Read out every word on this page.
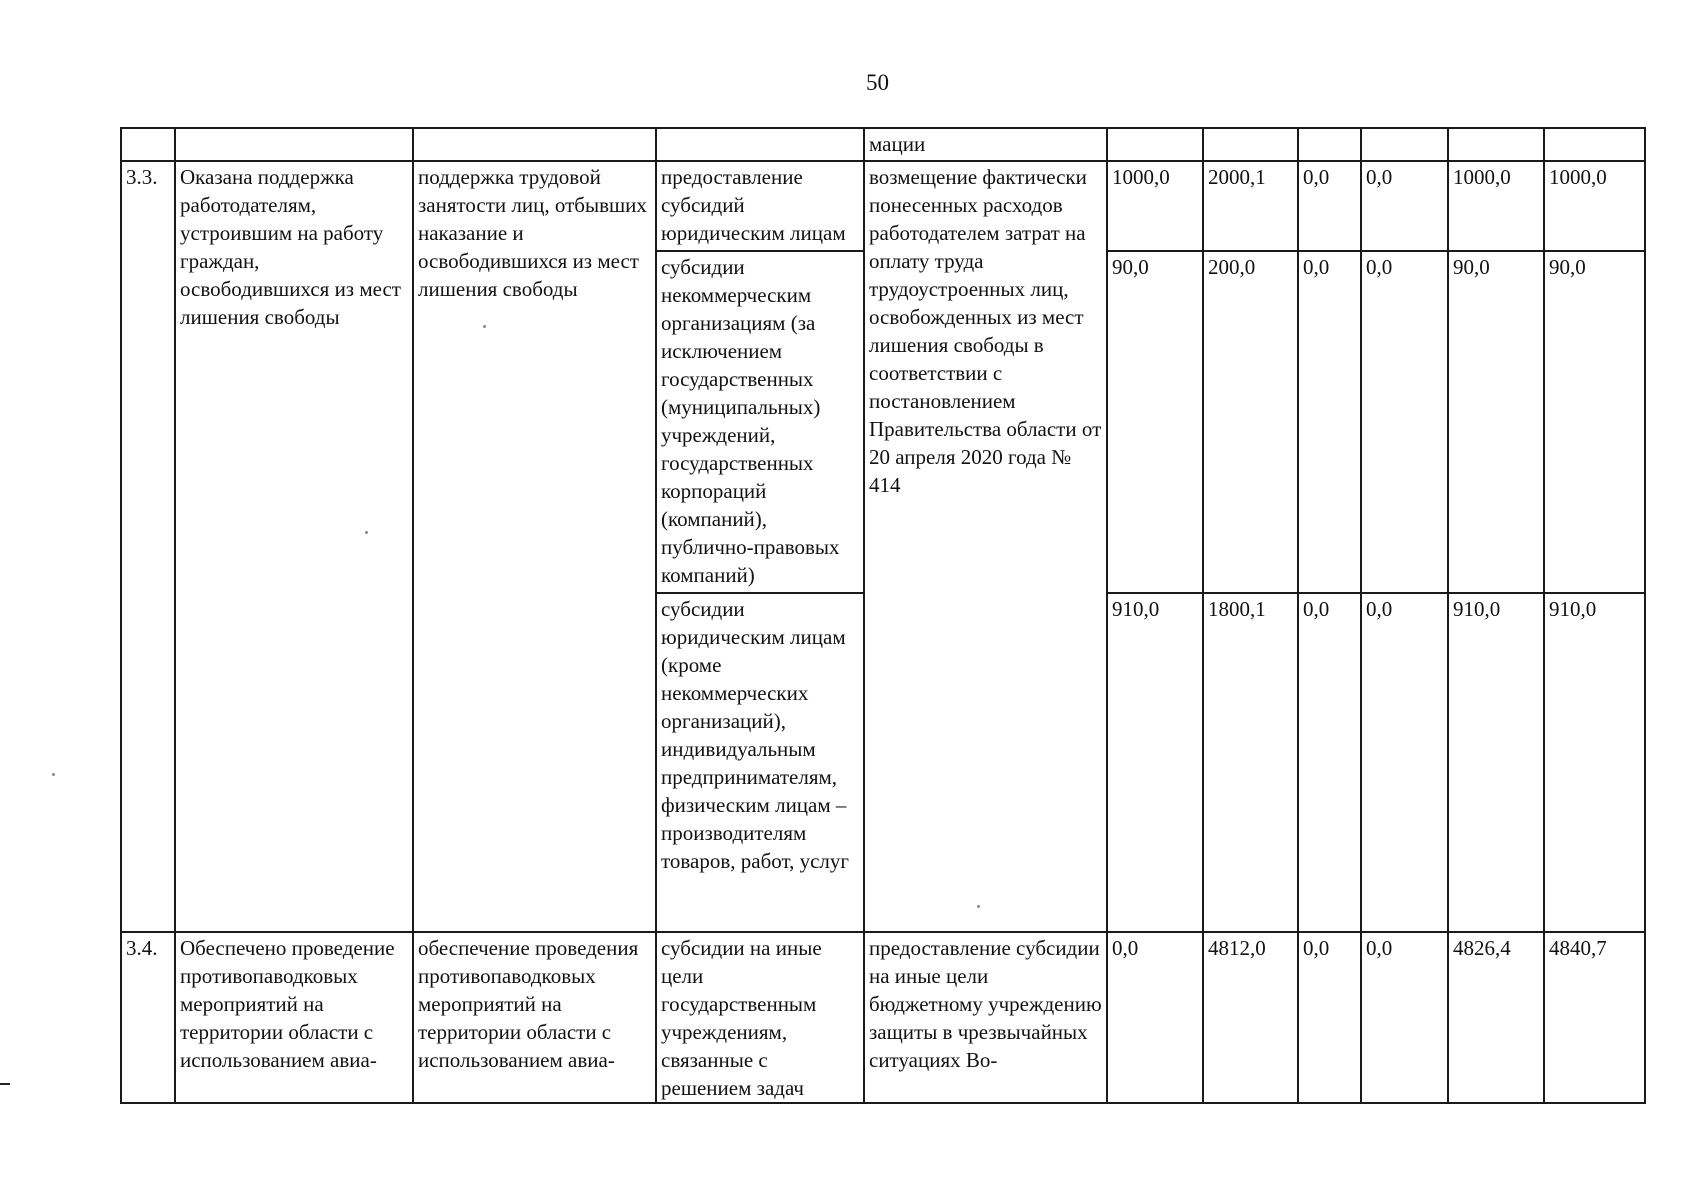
50
				мации						
3.3.	Оказана поддержка работодателям, устроившим на работу граждан, освободившихся из мест лишения свободы	поддержка трудовой занятости лиц, отбывших наказание и освободившихся из мест лишения свободы	предоставление субсидий юридическим лицам	возмещение фактически понесенных расходов работодателем затрат на оплату труда трудоустроенных лиц, освобожденных из мест лишения свободы в соответствии с постановлением Правительства области от 20 апреля 2020 года № 414	1000,0	2000,1	0,0	0,0	1000,0	1000,0
			субсидии некоммерческим организациям (за исключением государственных (муниципальных) учреждений, государственных корпораций (компаний), публично-правовых компаний)		90,0	200,0	0,0	0,0	90,0	90,0
			субсидии юридическим лицам (кроме некоммерческих организаций), индивидуальным предпринимателям, физическим лицам – производителям товаров, работ, услуг		910,0	1800,1	0,0	0,0	910,0	910,0
3.4.	Обеспечено проведение противопаводковых мероприятий на территории области с использованием авиа-	обеспечение проведения противопаводковых мероприятий на территории области с использованием авиа-	субсидии на иные цели государственным учреждениям, связанные с решением задач	предоставление субсидии на иные цели бюджетному учреждению защиты в чрезвычайных ситуациях Во-	0,0	4812,0	0,0	0,0	4826,4	4840,7
